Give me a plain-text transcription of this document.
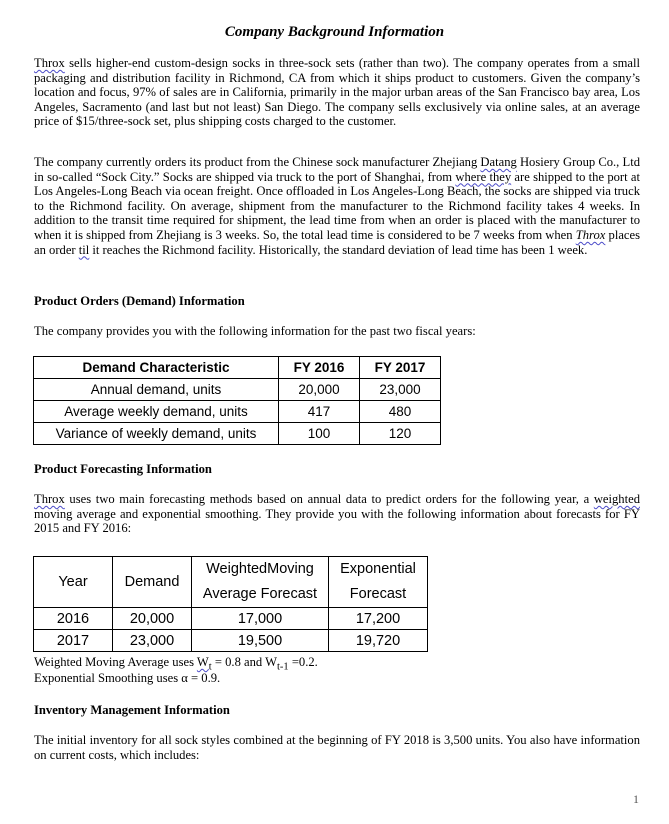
Company Background Information

Throx sells higher-end custom-design socks in three-sock sets (rather than two). The company operates from a small packaging and distribution facility in Richmond, CA from which it ships product to customers. Given the company’s location and focus, 97% of sales are in California, primarily in the major urban areas of the San Francisco bay area, Los Angeles, Sacramento (and last but not least) San Diego. The company sells exclusively via online sales, at an average price of $15/three-sock set, plus shipping costs charged to the customer.

The company currently orders its product from the Chinese sock manufacturer Zhejiang Datang Hosiery Group Co., Ltd in so-called “Sock City.” Socks are shipped via truck to the port of Shanghai, from where they are shipped to the port at Los Angeles-Long Beach via ocean freight. Once offloaded in Los Angeles-Long Beach, the socks are shipped via truck to the Richmond facility. On average, shipment from the manufacturer to the Richmond facility takes 4 weeks. In addition to the transit time required for shipment, the lead time from when an order is placed with the manufacturer to when it is shipped from Zhejiang is 3 weeks. So, the total lead time is considered to be 7 weeks from when Throx places an order til it reaches the Richmond facility. Historically, the standard deviation of lead time has been 1 week.

Product Orders (Demand) Information

The company provides you with the following information for the past two fiscal years:

Demand Characteristic	FY 2016	FY 2017
Annual demand, units	20,000	23,000
Average weekly demand, units	417	480
Variance of weekly demand, units	100	120

Product Forecasting Information

Throx uses two main forecasting methods based on annual data to predict orders for the following year, a weighted moving average and exponential smoothing. They provide you with the following information about forecasts for FY 2015 and FY 2016:

Year	Demand	WeightedMoving Average Forecast	Exponential Forecast
2016	20,000	17,000	17,200
2017	23,000	19,500	19,720

Weighted Moving Average uses $W_t = 0.8$ and $W_{t-1} =0.2$.

Exponential Smoothing uses α = 0.9.

Inventory Management Information

The initial inventory for all sock styles combined at the beginning of FY 2018 is 3,500 units. You also have information on current costs, which includes:

1
